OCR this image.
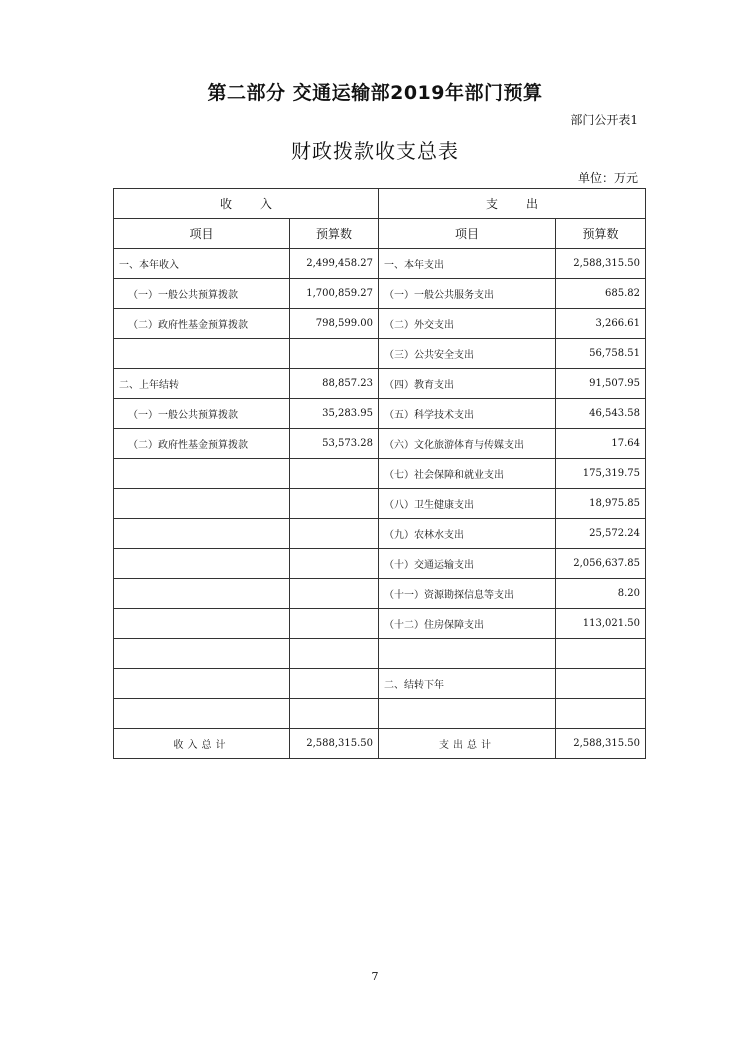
第二部分 交通运输部2019年部门预算
部门公开表1
财政拨款收支总表
单位：万元
收入		支出	
项目	预算数	项目	预算数
一、本年收入	2,499,458.27	一、本年支出	2,588,315.50
（一）一般公共预算拨款	1,700,859.27	（一）一般公共服务支出	685.82
（二）政府性基金预算拨款	798,599.00	（二）外交支出	3,266.61
		（三）公共安全支出	56,758.51
二、上年结转	88,857.23	（四）教育支出	91,507.95
（一）一般公共预算拨款	35,283.95	（五）科学技术支出	46,543.58
（二）政府性基金预算拨款	53,573.28	（六）文化旅游体育与传媒支出	17.64
		（七）社会保障和就业支出	175,319.75
		（八）卫生健康支出	18,975.85
		（九）农林水支出	25,572.24
		（十）交通运输支出	2,056,637.85
		（十一）资源勘探信息等支出	8.20
		（十二）住房保障支出	113,021.50

		二、结转下年	

收入总计	2,588,315.50	支出总计	2,588,315.50
7
